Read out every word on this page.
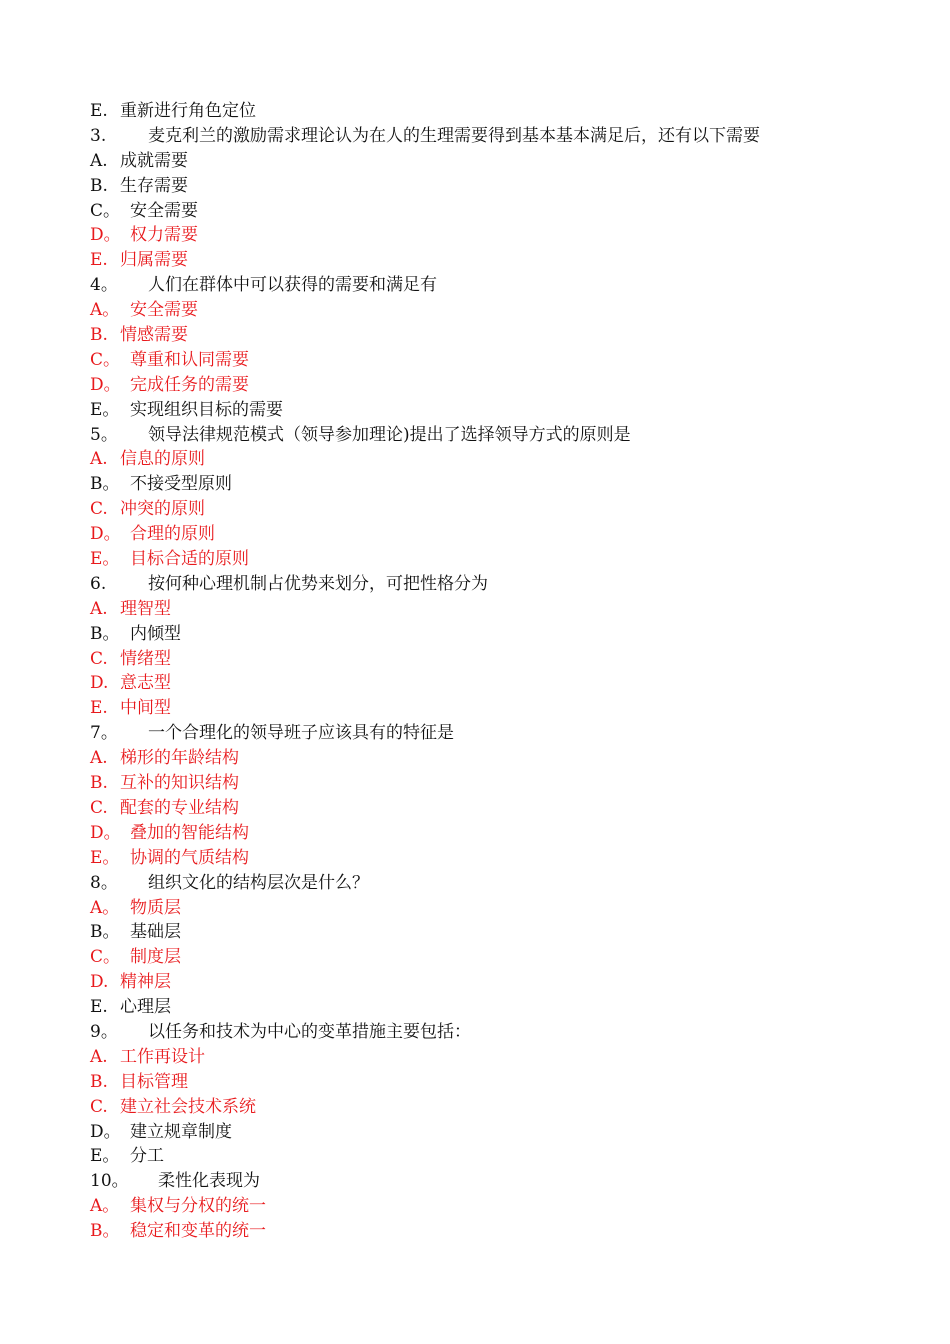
E. 重新进行角色定位
3. 麦克利兰的激励需求理论认为在人的生理需要得到基本基本满足后，还有以下需要
A. 成就需要
B. 生存需要
C。 安全需要
D。 权力需要
E. 归属需要
4。 人们在群体中可以获得的需要和满足有
A。 安全需要
B. 情感需要
C。 尊重和认同需要
D。 完成任务的需要
E。 实现组织目标的需要
5。 领导法律规范模式（领导参加理论)提出了选择领导方式的原则是
A. 信息的原则
B。 不接受型原则
C. 冲突的原则
D。 合理的原则
E。 目标合适的原则
6. 按何种心理机制占优势来划分，可把性格分为
A. 理智型
B。 内倾型
C. 情绪型
D. 意志型
E. 中间型
7。 一个合理化的领导班子应该具有的特征是
A. 梯形的年龄结构
B. 互补的知识结构
C. 配套的专业结构
D。 叠加的智能结构
E。 协调的气质结构
8。 组织文化的结构层次是什么？
A。 物质层
B。 基础层
C。 制度层
D. 精神层
E. 心理层
9。 以任务和技术为中心的变革措施主要包括：
A. 工作再设计
B. 目标管理
C. 建立社会技术系统
D。 建立规章制度
E。 分工
10。 柔性化表现为
A。 集权与分权的统一
B。 稳定和变革的统一
